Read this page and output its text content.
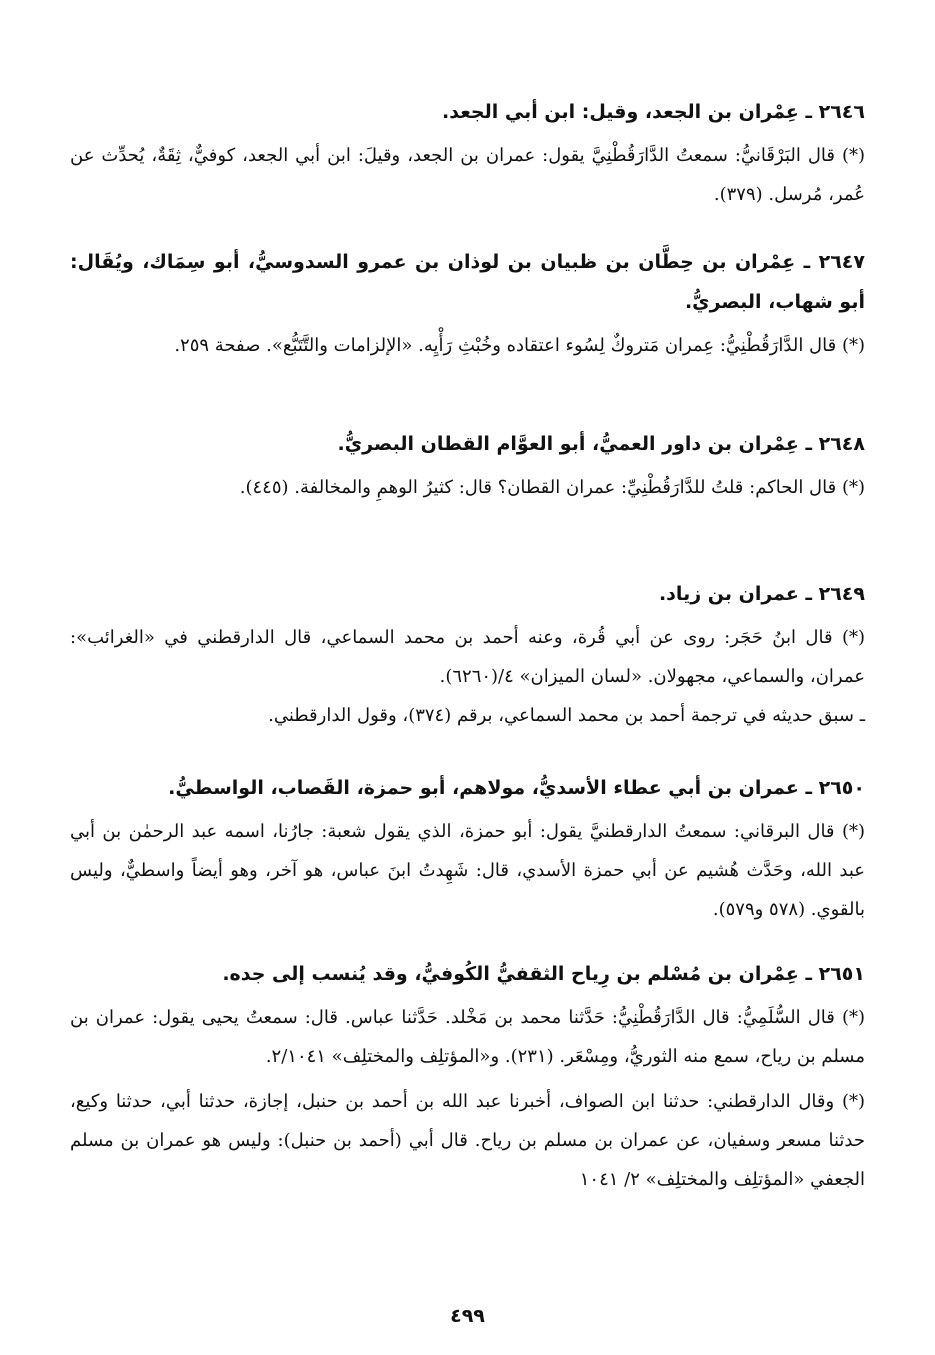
٢٦٤٦ ـ عِمْران بن الجعد، وقيل: ابن أبي الجعد.

(*) قال البَرْقَانيُّ: سمعتُ الدَّارَقُطْنِيَّ يقول: عمران بن الجعد، وقيلَ: ابن أبي الجعد، كوفيٌّ، ثِقَةٌ، يُحدِّث عن عُمر، مُرسل. (٣٧٩).

٢٦٤٧ ـ عِمْران بن حِطَّان بن ظبيان بن لوذان بن عمرو السدوسيُّ، أبو سِمَاك، ويُقَال: أبو شهاب، البصريُّ.

(*) قال الدَّارَقُطْنِيُّ: عِمران مَتروكٌ لِسُوء اعتقاده وخُبْثِ رَأْيِه. «الإلزامات والتَّتَبُّع». صفحة ٢٥٩.

٢٦٤٨ ـ عِمْران بن داور العميُّ، أبو العوَّام القطان البصريُّ.

(*) قال الحاكم: قلتُ للدَّارَقُطْنِيِّ: عمران القطان؟ قال: كثيرُ الوهمِ والمخالفة. (٤٤٥).

٢٦٤٩ ـ عمران بن زياد.

(*) قال ابنُ حَجَر: روى عن أبي قُرة، وعنه أحمد بن محمد السماعي، قال الدارقطني في «الغرائب»: عمران، والسماعي، مجهولان. «لسان الميزان» ٤/(٦٢٦٠).

ـ سبق حديثه في ترجمة أحمد بن محمد السماعي، برقم (٣٧٤)، وقول الدارقطني.

٢٦٥٠ ـ عمران بن أبي عطاء الأسديُّ، مولاهم، أبو حمزة، القَصاب، الواسطيُّ.

(*) قال البرقاني: سمعتُ الدارقطنيَّ يقول: أبو حمزة، الذي يقول شعبة: جارُنا، اسمه عبد الرحمٰن بن أبي عبد الله، وحَدَّث هُشيم عن أبي حمزة الأسدي، قال: شَهِدتُ ابنَ عباس، هو آخر، وهو أيضاً واسطيٌّ، وليس بالقوي. (٥٧٨ و٥٧٩).

٢٦٥١ ـ عِمْران بن مُسْلم بن رِياح الثقفيُّ الكُوفيُّ، وقد يُنسب إلى جده.

(*) قال السُّلَمِيُّ: قال الدَّارَقُطْنِيُّ: حَدَّثنا محمد بن مَخْلد. حَدَّثنا عباس. قال: سمعتُ يحيى يقول: عمران بن مسلم بن رياح، سمع منه الثوريُّ، ومِسْعَر. (٢٣١). و«المؤتلِف والمختلِف» ٢/١٠٤١.

(*) وقال الدارقطني: حدثنا ابن الصواف، أخبرنا عبد الله بن أحمد بن حنبل، إجازة، حدثنا أبي، حدثنا وكيع، حدثنا مسعر وسفيان، عن عمران بن مسلم بن رياح. قال أبي (أحمد بن حنبل): وليس هو عمران بن مسلم الجعفي «المؤتلِف والمختلِف» ٢/ ١٠٤١

٤٩٩
